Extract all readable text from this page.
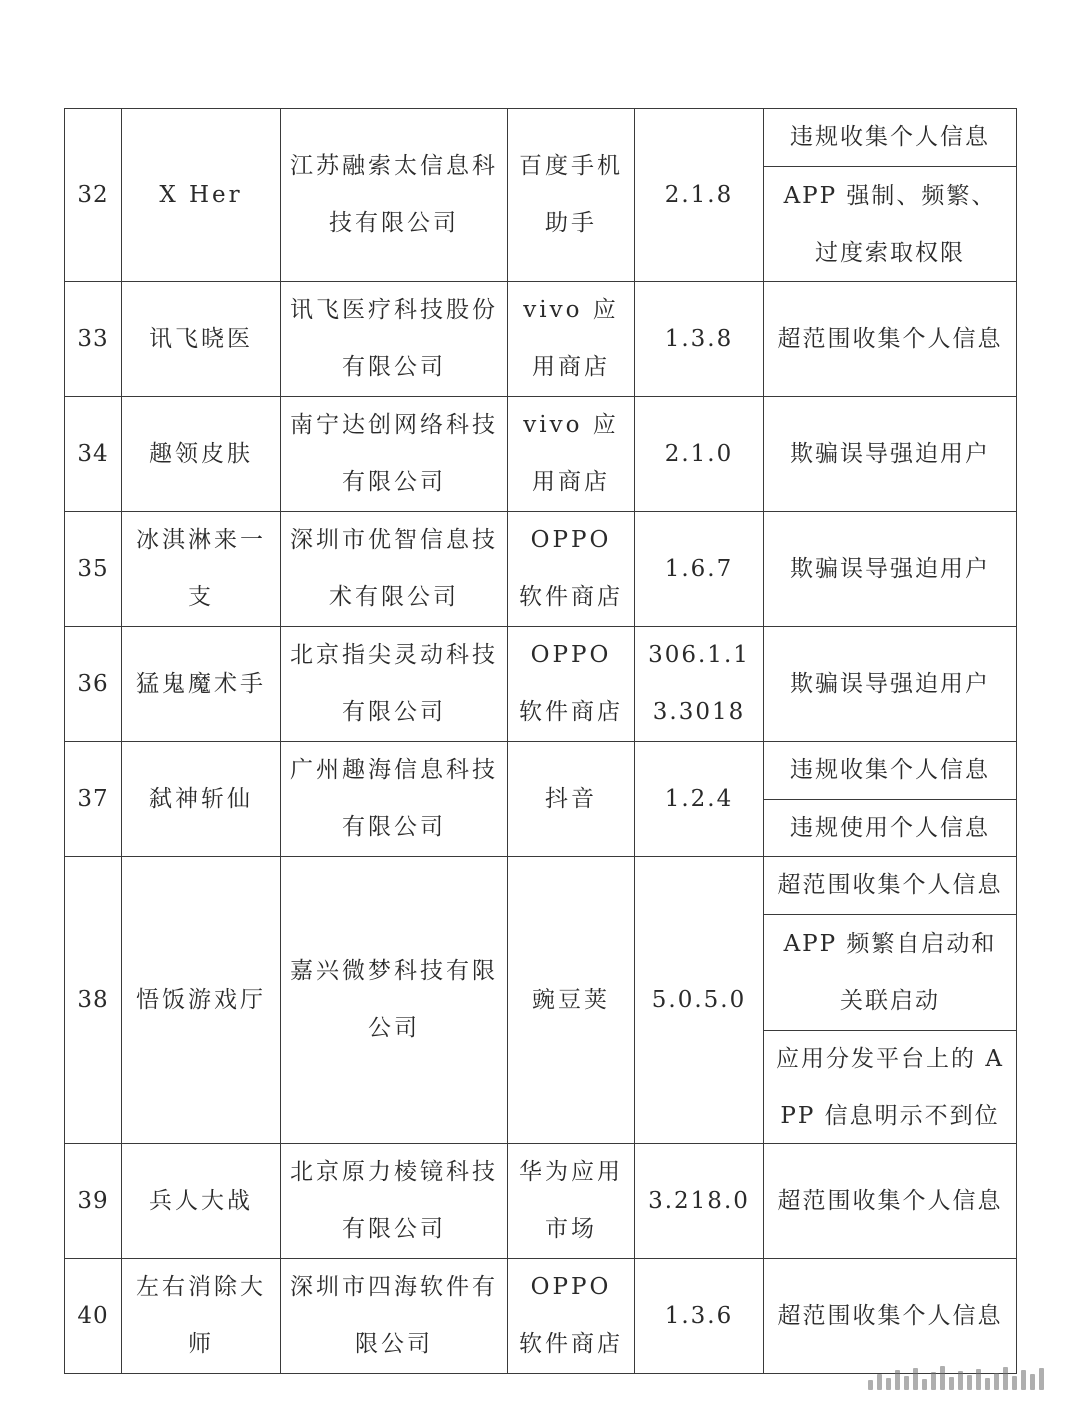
32	X Her	江苏融索太信息科技有限公司	百度手机助手	2.1.8	违规收集个人信息
APP 强制、频繁、过度索取权限

33	讯飞晓医	讯飞医疗科技股份有限公司	vivo 应用商店	1.3.8	超范围收集个人信息
34	趣领皮肤	南宁达创网络科技有限公司	vivo 应用商店	2.1.0	欺骗误导强迫用户
35	冰淇淋来一支	深圳市优智信息技术有限公司	OPPO 软件商店	1.6.7	欺骗误导强迫用户
36	猛鬼魔术手	北京指尖灵动科技有限公司	OPPO 软件商店	306.1.13.3018	欺骗误导强迫用户
37	弑神斩仙	广州趣海信息科技有限公司	抖音	1.2.4	违规收集个人信息
违规使用个人信息

38	悟饭游戏厅	嘉兴微梦科技有限公司	豌豆荚	5.0.5.0	超范围收集个人信息
APP 频繁自启动和关联启动
应用分发平台上的 APP 信息明示不到位

39	兵人大战	北京原力棱镜科技有限公司	华为应用市场	3.218.0	超范围收集个人信息
40	左右消除大师	深圳市四海软件有限公司	OPPO 软件商店	1.3.6	超范围收集个人信息
